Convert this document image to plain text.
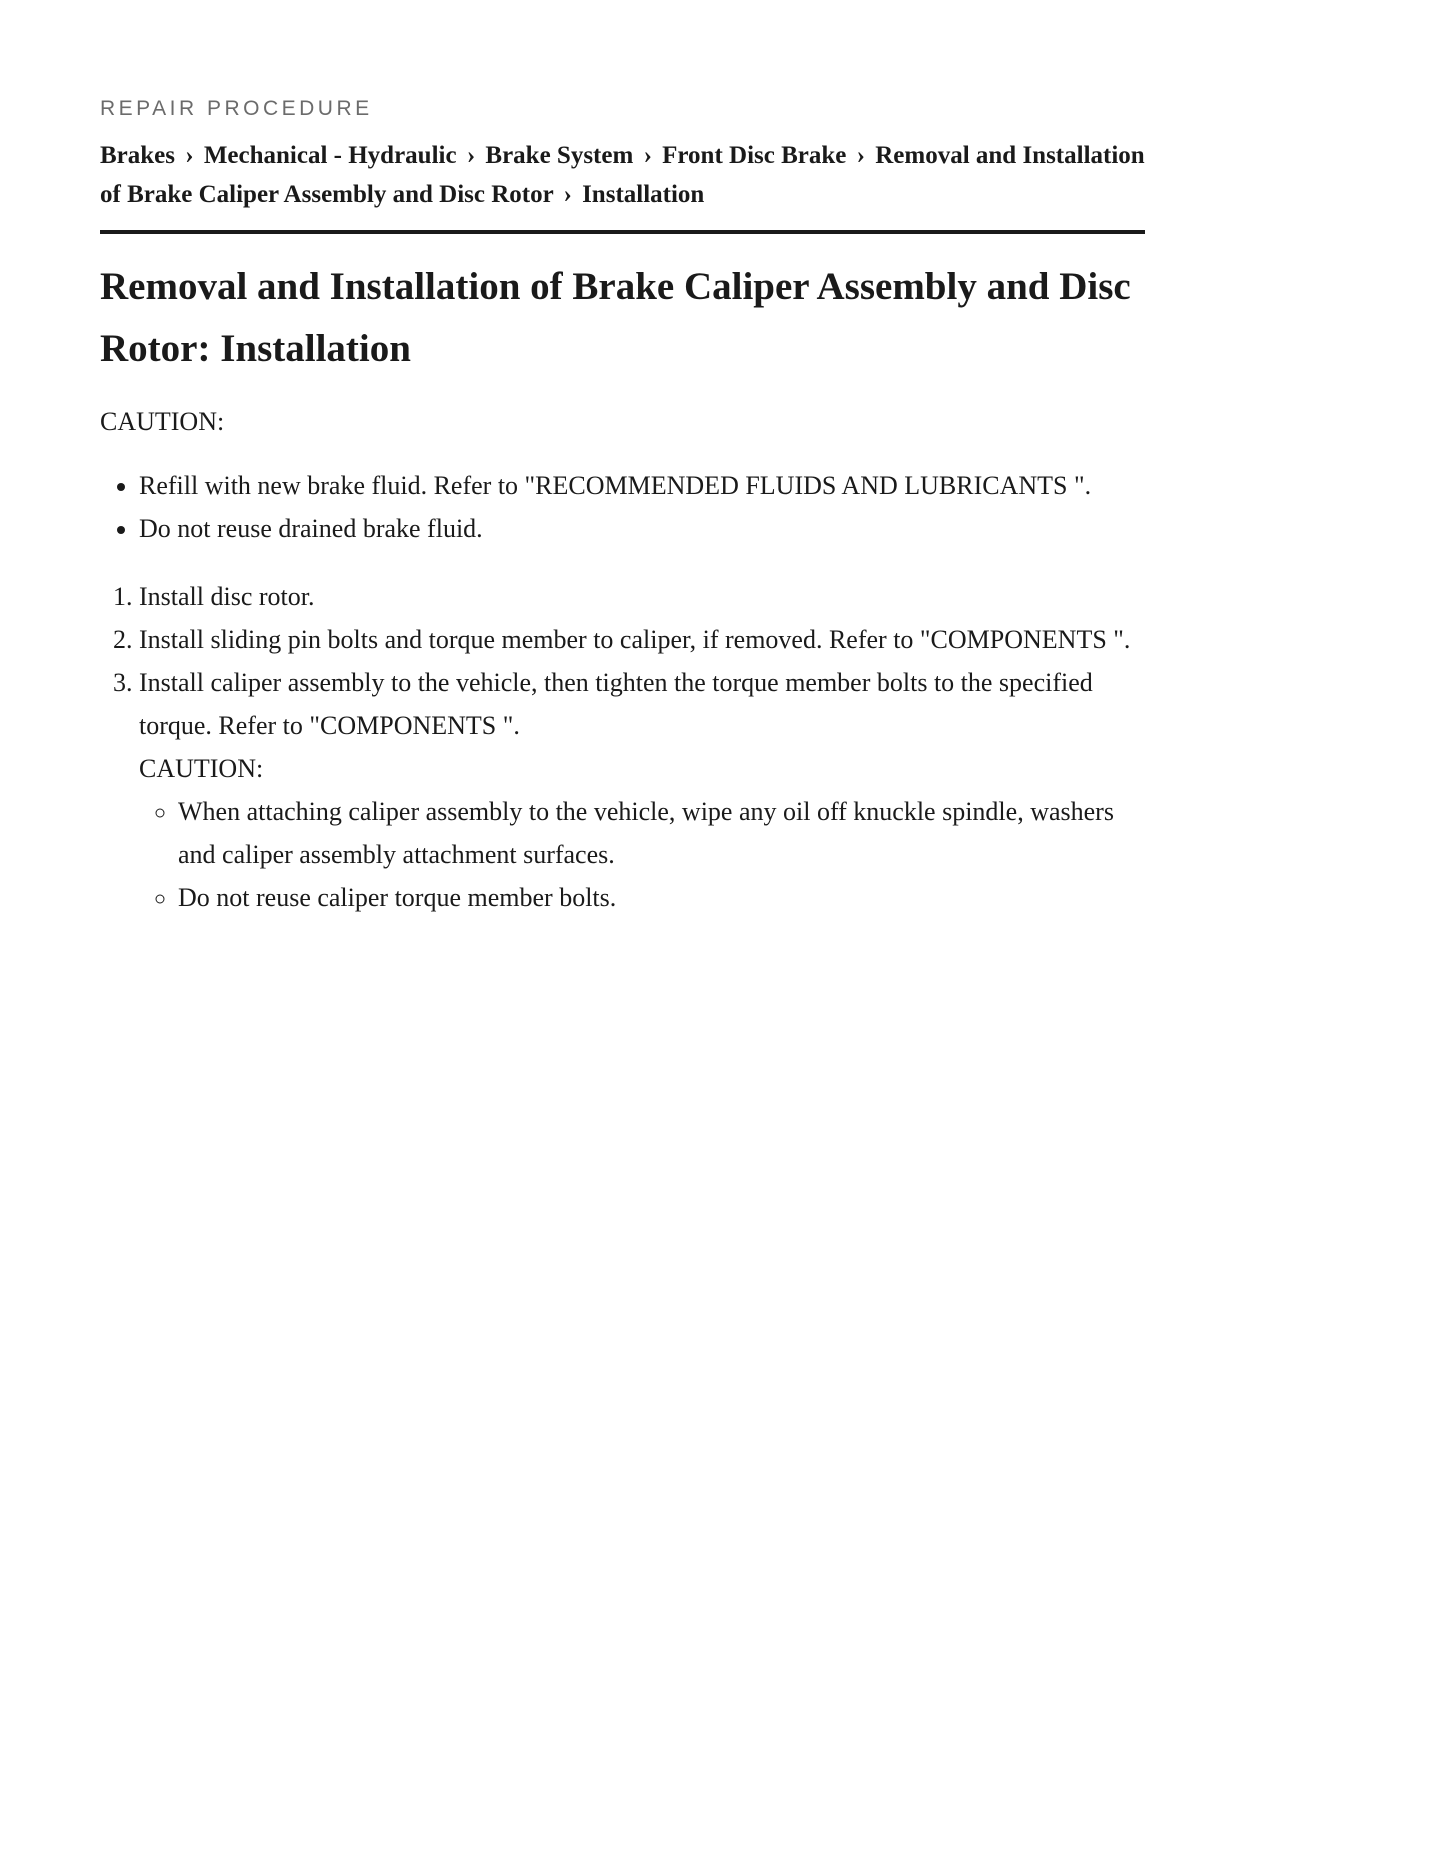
REPAIR PROCEDURE

Brakes › Mechanical - Hydraulic › Brake System › Front Disc Brake › Removal and Installation of Brake Caliper Assembly and Disc Rotor › Installation
Removal and Installation of Brake Caliper Assembly and Disc Rotor: Installation

CAUTION:

• Refill with new brake fluid. Refer to "RECOMMENDED FLUIDS AND LUBRICANTS ".
• Do not reuse drained brake fluid.
1. Install disc rotor.
2. Install sliding pin bolts and torque member to caliper, if removed. Refer to "COMPONENTS ".
3. Install caliper assembly to the vehicle, then tighten the torque member bolts to the specified torque. Refer to "COMPONENTS ".

CAUTION:

◦ When attaching caliper assembly to the vehicle, wipe any oil off knuckle spindle, washers and caliper assembly attachment surfaces.
◦ Do not reuse caliper torque member bolts.
